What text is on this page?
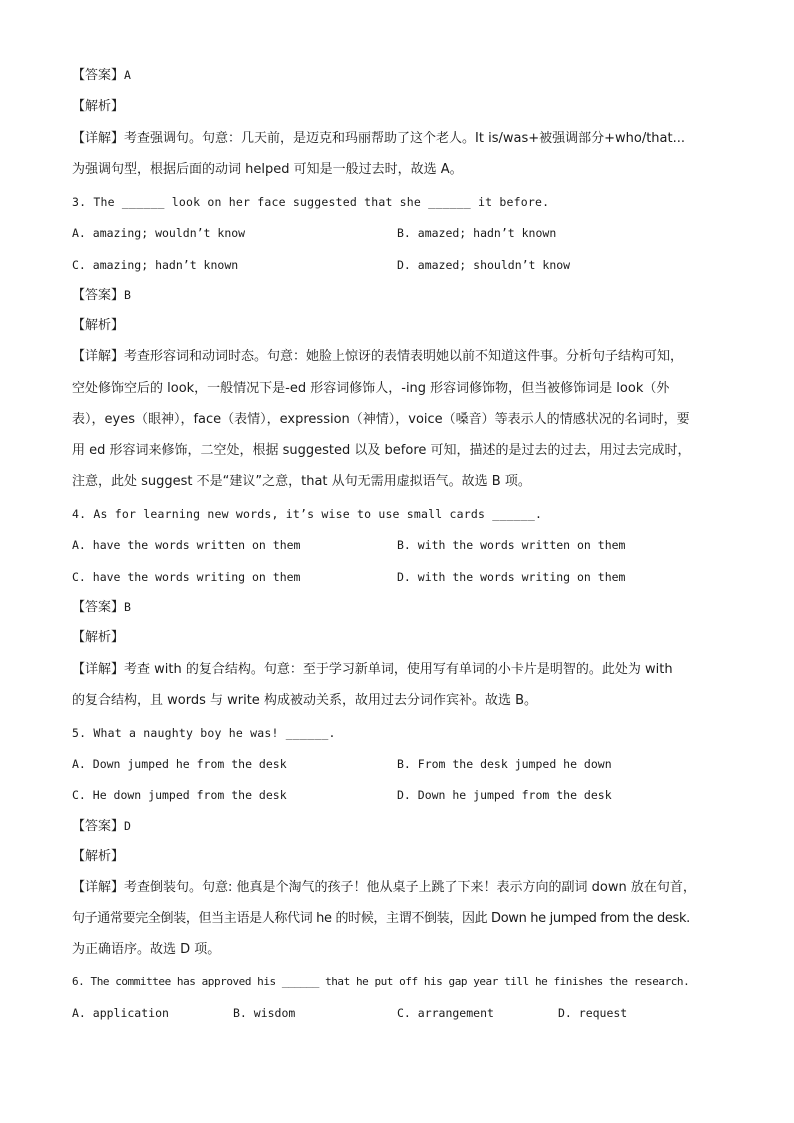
【答案】A
【解析】
【详解】考查强调句。句意：几天前，是迈克和玛丽帮助了这个老人。It is/was+被强调部分+who/that...
为强调句型，根据后面的动词 helped 可知是一般过去时，故选 A。
3. The ______ look on her face suggested that she ______ it before.
A. amazing; wouldn’t know	B. amazed; hadn’t known
C. amazing; hadn’t known	D. amazed; shouldn’t know
【答案】B
【解析】
【详解】考查形容词和动词时态。句意：她脸上惊讶的表情表明她以前不知道这件事。分析句子结构可知，
空处修饰空后的 look，一般情况下是-ed 形容词修饰人，-ing 形容词修饰物，但当被修饰词是 look（外
表），eyes（眼神），face（表情），expression（神情），voice（嗓音）等表示人的情感状况的名词时，要
用 ed 形容词来修饰，二空处，根据 suggested 以及 before 可知，描述的是过去的过去，用过去完成时，
注意，此处 suggest 不是“建议”之意，that 从句无需用虚拟语气。故选 B 项。
4. As for learning new words, it’s wise to use small cards ______.
A. have the words written on them	B. with the words written on them
C. have the words writing on them	D. with the words writing on them
【答案】B
【解析】
【详解】考查 with 的复合结构。句意：至于学习新单词，使用写有单词的小卡片是明智的。此处为 with
的复合结构，且 words 与 write 构成被动关系，故用过去分词作宾补。故选 B。
5. What a naughty boy he was! ______.
A. Down jumped he from the desk	B. From the desk jumped he down
C. He down jumped from the desk	D. Down he jumped from the desk
【答案】D
【解析】
【详解】考查倒装句。句意: 他真是个淘气的孩子！他从桌子上跳了下来！表示方向的副词 down 放在句首，
句子通常要完全倒装，但当主语是人称代词 he 的时候，主谓不倒装，因此 Down he jumped from the desk.
为正确语序。故选 D 项。
6. The committee has approved his ______ that he put off his gap year till he finishes the research.
A. application	B. wisdom	C. arrangement	D. request
